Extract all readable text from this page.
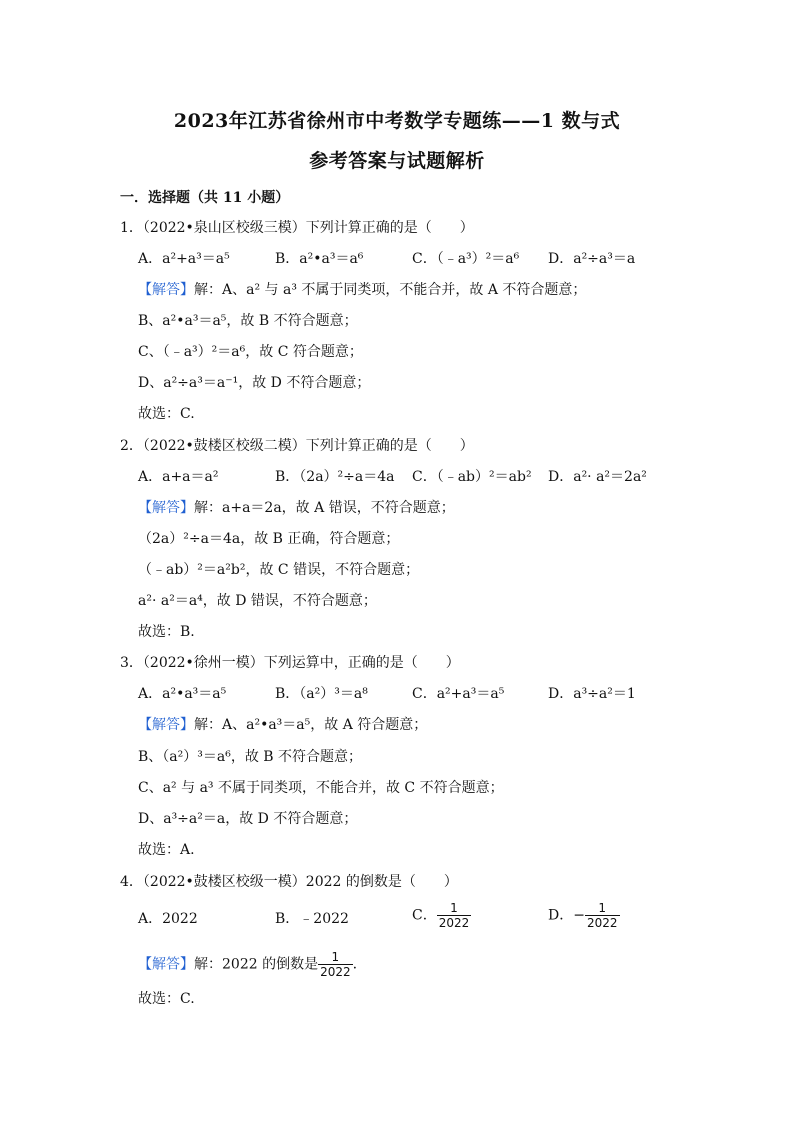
2023年江苏省徐州市中考数学专题练——1 数与式
参考答案与试题解析
一．选择题（共 11 小题）
1．（2022•泉山区校级三模）下列计算正确的是（　　）
A．a²+a³＝a⁵	B．a²•a³＝a⁶	C．（﹣a³）²＝a⁶ D．a²÷a³＝a
【解答】解：A、a² 与 a³ 不属于同类项，不能合并，故 A 不符合题意；
B、a²•a³＝a⁵，故 B 不符合题意；
C、（﹣a³）²＝a⁶，故 C 符合题意；
D、a²÷a³＝a⁻¹，故 D 不符合题意；
故选：C.
2．（2022•鼓楼区校级二模）下列计算正确的是（　　）
A．a+a＝a²	B．（2a）²÷a＝4a C．（﹣ab）²＝ab² D．a²· a²＝2a²
【解答】解：a+a＝2a，故 A 错误，不符合题意；
（2a）²÷a＝4a，故 B 正确，符合题意；
（﹣ab）²＝a²b²，故 C 错误，不符合题意；
a²· a²＝a⁴，故 D 错误，不符合题意；
故选：B.
3．（2022•徐州一模）下列运算中，正确的是（　　）
A．a²•a³＝a⁵	B．（a²）³＝a⁸	C．a²+a³＝a⁵	D．a³÷a²＝1
【解答】解：A、a²•a³＝a⁵，故 A 符合题意；
B、（a²）³＝a⁶，故 B 不符合题意；
C、a² 与 a³ 不属于同类项，不能合并，故 C 不符合题意；
D、a³÷a²＝a，故 D 不符合题意；
故选：A.
4．（2022•鼓楼区校级一模）2022 的倒数是（　　）
A．2022	B．﹣2022	C． $\frac{1}{2022}$	D．− $\frac{1}{2022}$
【解答】解：2022 的倒数是 $\frac{1}{2022}$ .
故选：C.
